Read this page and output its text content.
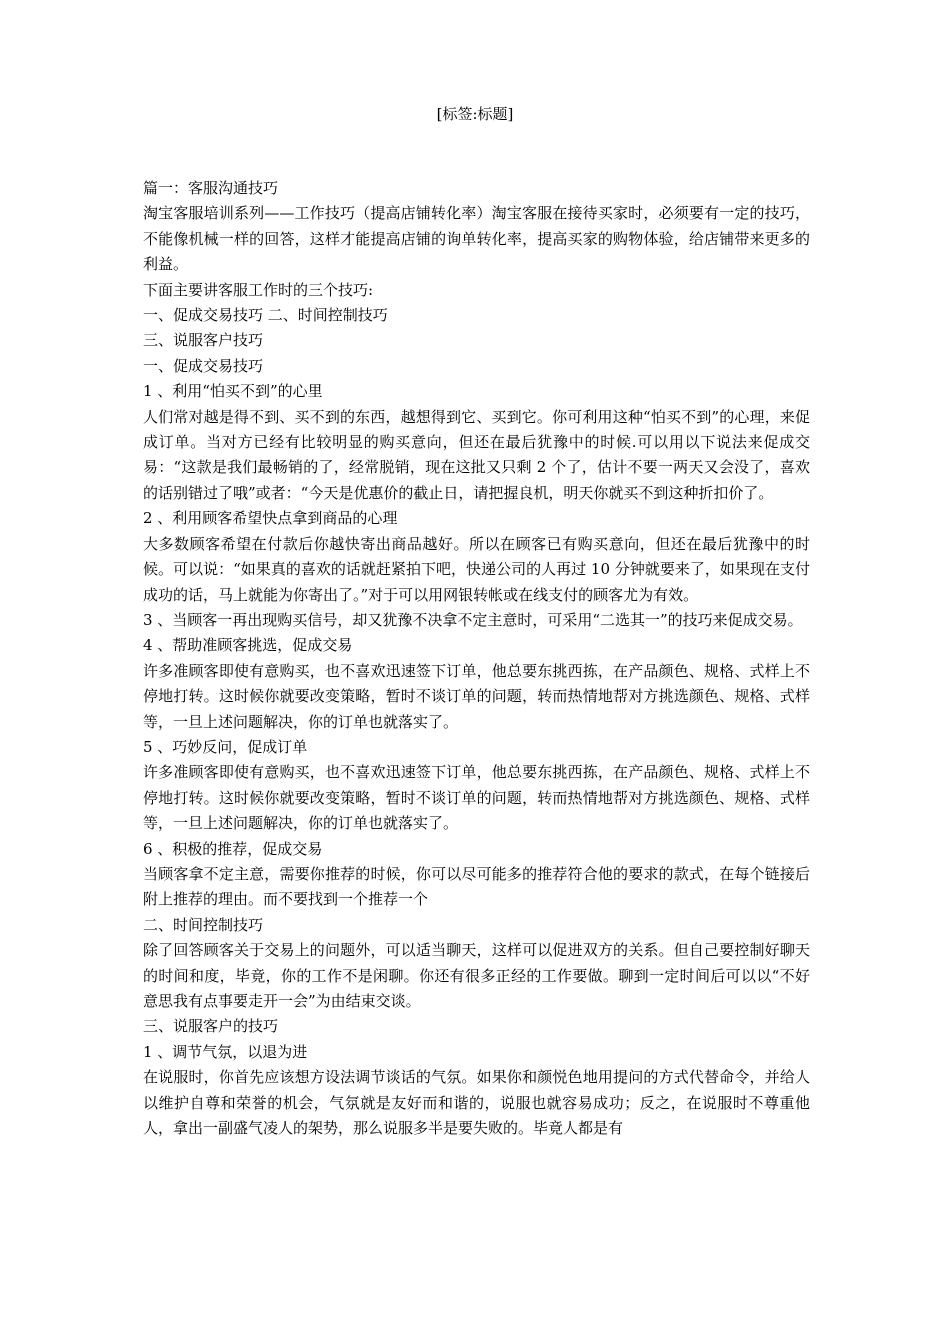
[标签:标题]

篇一：客服沟通技巧

淘宝客服培训系列——工作技巧（提高店铺转化率）淘宝客服在接待买家时，必须要有一定的技巧，不能像机械一样的回答，这样才能提高店铺的询单转化率，提高买家的购物体验，给店铺带来更多的利益。

下面主要讲客服工作时的三个技巧:

一、促成交易技巧 二、时间控制技巧

三、说服客户技巧

一、促成交易技巧

1 、利用“怕买不到”的心里

人们常对越是得不到、买不到的东西，越想得到它、买到它。你可利用这种“怕买不到”的心理，来促成订单。当对方已经有比较明显的购买意向，但还在最后犹豫中的时候.可以用以下说法来促成交易：“这款是我们最畅销的了，经常脱销，现在这批又只剩 2 个了，估计不要一两天又会没了，喜欢的话别错过了哦”或者：“今天是优惠价的截止日，请把握良机，明天你就买不到这种折扣价了。

2 、利用顾客希望快点拿到商品的心理

大多数顾客希望在付款后你越快寄出商品越好。所以在顾客已有购买意向，但还在最后犹豫中的时候。可以说：“如果真的喜欢的话就赶紧拍下吧，快递公司的人再过 10 分钟就要来了，如果现在支付成功的话，马上就能为你寄出了。”对于可以用网银转帐或在线支付的顾客尤为有效。

3 、当顾客一再出现购买信号，却又犹豫不决拿不定主意时，可采用“二选其一”的技巧来促成交易。

4 、帮助准顾客挑选，促成交易

许多准顾客即使有意购买，也不喜欢迅速签下订单，他总要东挑西拣，在产品颜色、规格、式样上不停地打转。这时候你就要改变策略，暂时不谈订单的问题，转而热情地帮对方挑选颜色、规格、式样等，一旦上述问题解决，你的订单也就落实了。

5 、巧妙反问，促成订单

许多准顾客即使有意购买，也不喜欢迅速签下订单，他总要东挑西拣，在产品颜色、规格、式样上不停地打转。这时候你就要改变策略，暂时不谈订单的问题，转而热情地帮对方挑选颜色、规格、式样等，一旦上述问题解决，你的订单也就落实了。

6 、积极的推荐，促成交易

当顾客拿不定主意，需要你推荐的时候，你可以尽可能多的推荐符合他的要求的款式，在每个链接后附上推荐的理由。而不要找到一个推荐一个

二、时间控制技巧

除了回答顾客关于交易上的问题外，可以适当聊天，这样可以促进双方的关系。但自己要控制好聊天的时间和度，毕竟，你的工作不是闲聊。你还有很多正经的工作要做。聊到一定时间后可以以“不好意思我有点事要走开一会”为由结束交谈。

三、说服客户的技巧

1 、调节气氛，以退为进

在说服时，你首先应该想方设法调节谈话的气氛。如果你和颜悦色地用提问的方式代替命令，并给人以维护自尊和荣誉的机会，气氛就是友好而和谐的，说服也就容易成功；反之，在说服时不尊重他人，拿出一副盛气凌人的架势，那么说服多半是要失败的。毕竟人都是有
